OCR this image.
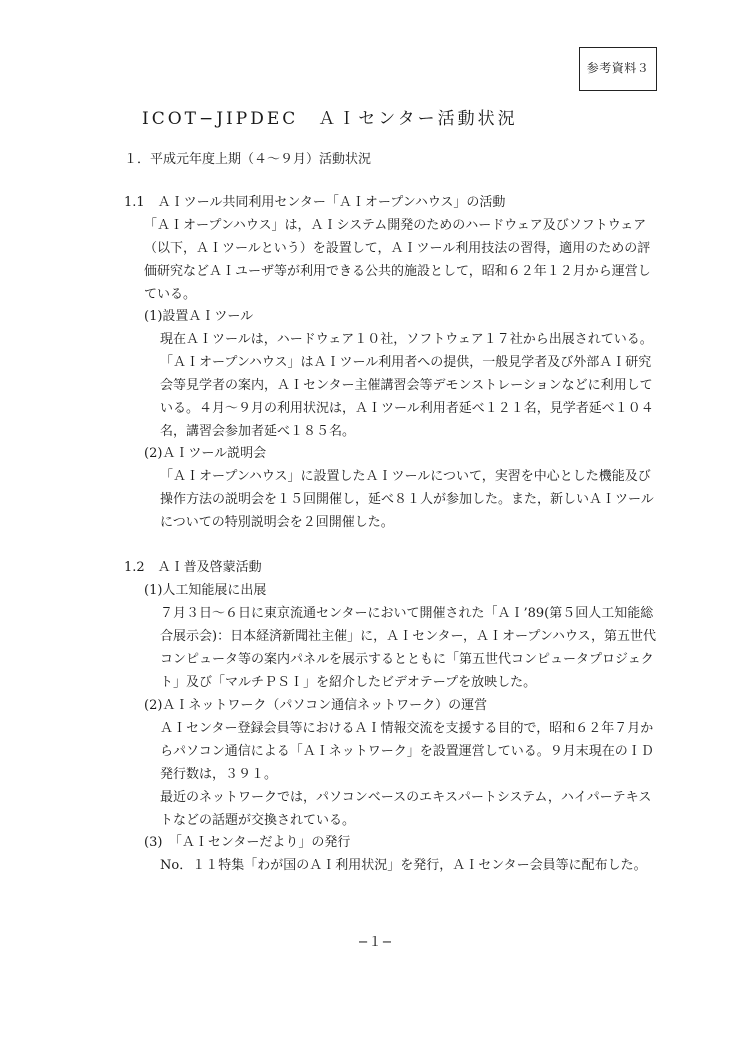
参考資料３
ICOT−JIPDEC　ＡＩセンター活動状況
１．平成元年度上期（４～９月）活動状況
1.1　ＡＩツール共同利用センター「ＡＩオープンハウス」の活動
「ＡＩオープンハウス」は，ＡＩシステム開発のためのハードウェア及びソフトウェア
（以下，ＡＩツールという）を設置して，ＡＩツール利用技法の習得，適用のための評
価研究などＡＩユーザ等が利用できる公共的施設として，昭和６２年１２月から運営し
ている。
(1)設置ＡＩツール
現在ＡＩツールは，ハードウェア１０社，ソフトウェア１７社から出展されている。
「ＡＩオープンハウス」はＡＩツール利用者への提供，一般見学者及び外部ＡＩ研究
会等見学者の案内，ＡＩセンター主催講習会等デモンストレーションなどに利用して
いる。４月～９月の利用状況は，ＡＩツール利用者延べ１２１名，見学者延べ１０４
名，講習会参加者延べ１８５名。
(2)ＡＩツール説明会
「ＡＩオープンハウス」に設置したＡＩツールについて，実習を中心とした機能及び
操作方法の説明会を１５回開催し，延べ８１人が参加した。また，新しいＡＩツール
についての特別説明会を２回開催した。
1.2　ＡＩ普及啓蒙活動
(1)人工知能展に出展
７月３日～６日に東京流通センターにおいて開催された「ＡＩ’89(第５回人工知能総
合展示会)：日本経済新聞社主催」に，ＡＩセンター，ＡＩオープンハウス，第五世代
コンピュータ等の案内パネルを展示するとともに「第五世代コンピュータプロジェク
ト」及び「マルチＰＳＩ」を紹介したビデオテープを放映した。
(2)ＡＩネットワーク（パソコン通信ネットワーク）の運営
ＡＩセンター登録会員等におけるＡＩ情報交流を支援する目的で，昭和６２年７月か
らパソコン通信による「ＡＩネットワーク」を設置運営している。９月末現在のＩＤ
発行数は，３９１。
最近のネットワークでは，パソコンベースのエキスパートシステム，ハイパーテキス
トなどの話題が交換されている。
(3)　「ＡＩセンターだより」の発行
No．１１特集「わが国のＡＩ利用状況」を発行，ＡＩセンター会員等に配布した。
−１−
